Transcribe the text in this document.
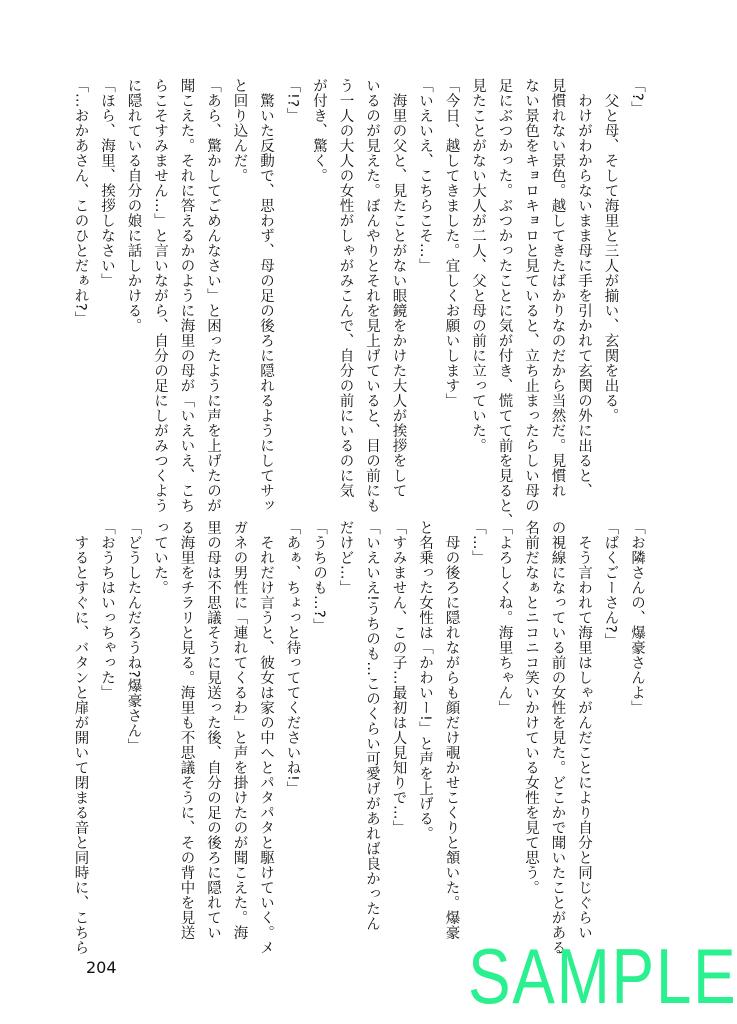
「?」
　父と母、そして海里と三人が揃い、玄関を出る。
　わけがわからないまま母に手を引かれて玄関の外に出ると、
見慣れない景色。越してきたばかりなのだから当然だ。見慣れ
ない景色をキョロキョロと見ていると、立ち止まったらしい母の
足にぶつかった。ぶつかったことに気が付き、慌てて前を見ると、
見たことがない大人が二人、父と母の前に立っていた。
「今日、越してきました。宜しくお願いします」
「いえいえ、こちらこそ…」
　海里の父と、見たことがない眼鏡をかけた大人が挨拶をして
いるのが見えた。ぼんやりとそれを見上げていると、目の前にも
う一人の大人の女性がしゃがみこんで、自分の前にいるのに気
が付き、驚く。
「!?」
　驚いた反動で、思わず、母の足の後ろに隠れるようにしてサッ
と回り込んだ。
「あら、驚かしてごめんなさい」と困ったように声を上げたのが
聞こえた。それに答えるかのように海里の母が「いえいえ、こち
らこそすみません…」と言いながら、自分の足にしがみつくよう
に隠れている自分の娘に話しかける。
「ほら、海里、挨拶しなさい」
「…おかあさん、このひとだぁれ?」
「お隣さんの、爆豪さんよ」
「ばくごーさん?」
　そう言われて海里はしゃがんだことにより自分と同じぐらい
の視線になっている前の女性を見た。どこかで聞いたことがある
名前だなぁとニコニコ笑いかけている女性を見て思う。
「よろしくね。海里ちゃん」
「…」
　母の後ろに隠れながらも顔だけ覗かせこくりと頷いた。爆豪
と名乗った女性は「かわいー!」と声を上げる。
「すみません、この子…最初は人見知りで…」
「いえいえ!うちのも…このくらい可愛げがあれば良かったん
だけど…」
「うちのも…?」
「あぁ、ちょっと待っててくださいね!」
　それだけ言うと、彼女は家の中へとパタパタと駆けていく。メ
ガネの男性に「連れてくるわ」と声を掛けたのが聞こえた。海
里の母は不思議そうに見送った後、自分の足の後ろに隠れてい
る海里をチラリと見る。海里も不思議そうに、その背中を見送
っていた。
「どうしたんだろうね?爆豪さん」
「おうちはいっちゃった」
　するとすぐに、バタンと扉が開いて閉まる音と同時に、こちら
204	SAMPLE
